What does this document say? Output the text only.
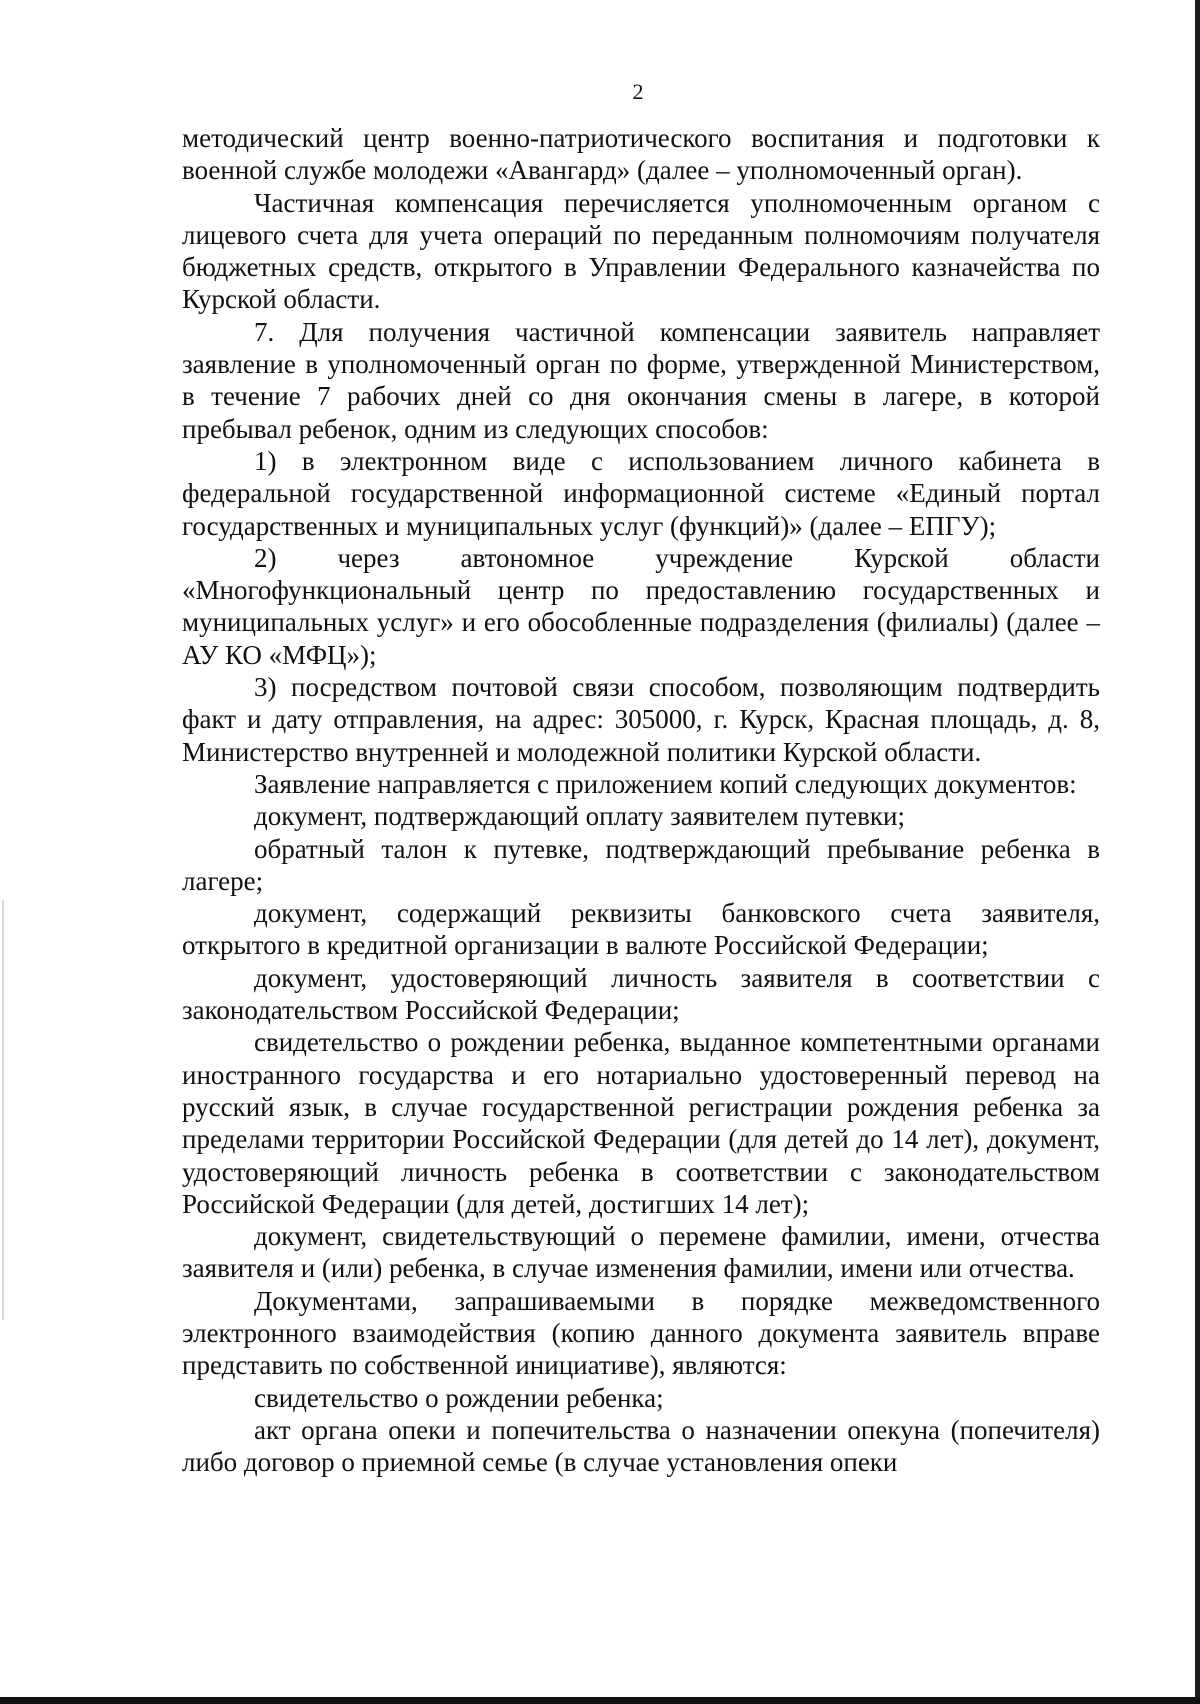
2

методический центр военно-патриотического воспитания и подготовки к военной службе молодежи «Авангард» (далее – уполномоченный орган).

Частичная компенсация перечисляется уполномоченным органом с лицевого счета для учета операций по переданным полномочиям получателя бюджетных средств, открытого в Управлении Федерального казначейства по Курской области.

7. Для получения частичной компенсации заявитель направляет заявление в уполномоченный орган по форме, утвержденной Министерством, в течение 7 рабочих дней со дня окончания смены в лагере, в которой пребывал ребенок, одним из следующих способов:

1) в электронном виде с использованием личного кабинета в федеральной государственной информационной системе «Единый портал государственных и муниципальных услуг (функций)» (далее – ЕПГУ);

2) через автономное учреждение Курской области «Многофункциональный центр по предоставлению государственных и муниципальных услуг» и его обособленные подразделения (филиалы) (далее – АУ КО «МФЦ»);

3) посредством почтовой связи способом, позволяющим подтвердить факт и дату отправления, на адрес: 305000, г. Курск, Красная площадь, д. 8, Министерство внутренней и молодежной политики Курской области.

Заявление направляется с приложением копий следующих документов:

документ, подтверждающий оплату заявителем путевки;

обратный талон к путевке, подтверждающий пребывание ребенка в лагере;

документ, содержащий реквизиты банковского счета заявителя, открытого в кредитной организации в валюте Российской Федерации;

документ, удостоверяющий личность заявителя в соответствии с законодательством Российской Федерации;

свидетельство о рождении ребенка, выданное компетентными органами иностранного государства и его нотариально удостоверенный перевод на русский язык, в случае государственной регистрации рождения ребенка за пределами территории Российской Федерации (для детей до 14 лет), документ, удостоверяющий личность ребенка в соответствии с законодательством Российской Федерации (для детей, достигших 14 лет);

документ, свидетельствующий о перемене фамилии, имени, отчества заявителя и (или) ребенка, в случае изменения фамилии, имени или отчества.

Документами, запрашиваемыми в порядке межведомственного электронного взаимодействия (копию данного документа заявитель вправе представить по собственной инициативе), являются:

свидетельство о рождении ребенка;

акт органа опеки и попечительства о назначении опекуна (попечителя) либо договор о приемной семье (в случае установления опеки
